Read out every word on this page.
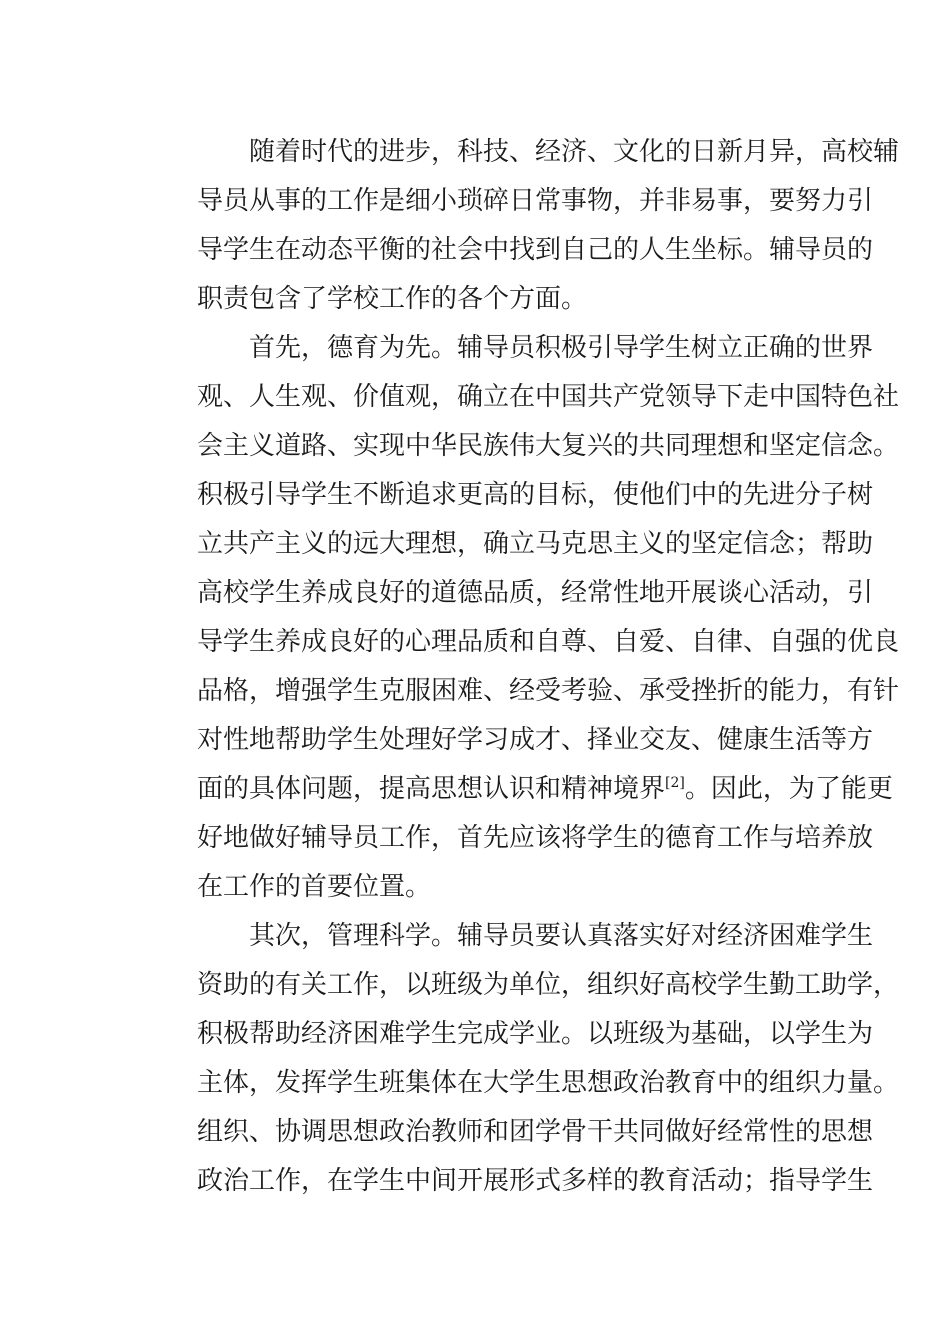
随着时代的进步，科技、经济、文化的日新月异，高校辅
导员从事的工作是细小琐碎日常事物，并非易事，要努力引
导学生在动态平衡的社会中找到自己的人生坐标。辅导员的
职责包含了学校工作的各个方面。
首先，德育为先。辅导员积极引导学生树立正确的世界
观、人生观、价值观，确立在中国共产党领导下走中国特色社
会主义道路、实现中华民族伟大复兴的共同理想和坚定信念。
积极引导学生不断追求更高的目标，使他们中的先进分子树
立共产主义的远大理想，确立马克思主义的坚定信念；帮助
高校学生养成良好的道德品质，经常性地开展谈心活动，引
导学生养成良好的心理品质和自尊、自爱、自律、自强的优良
品格，增强学生克服困难、经受考验、承受挫折的能力，有针
对性地帮助学生处理好学习成才、择业交友、健康生活等方
面的具体问题，提高思想认识和精神境界[2]。因此，为了能更
好地做好辅导员工作，首先应该将学生的德育工作与培养放
在工作的首要位置。
其次，管理科学。辅导员要认真落实好对经济困难学生
资助的有关工作，以班级为单位，组织好高校学生勤工助学，
积极帮助经济困难学生完成学业。以班级为基础，以学生为
主体，发挥学生班集体在大学生思想政治教育中的组织力量。
组织、协调思想政治教师和团学骨干共同做好经常性的思想
政治工作，在学生中间开展形式多样的教育活动；指导学生
